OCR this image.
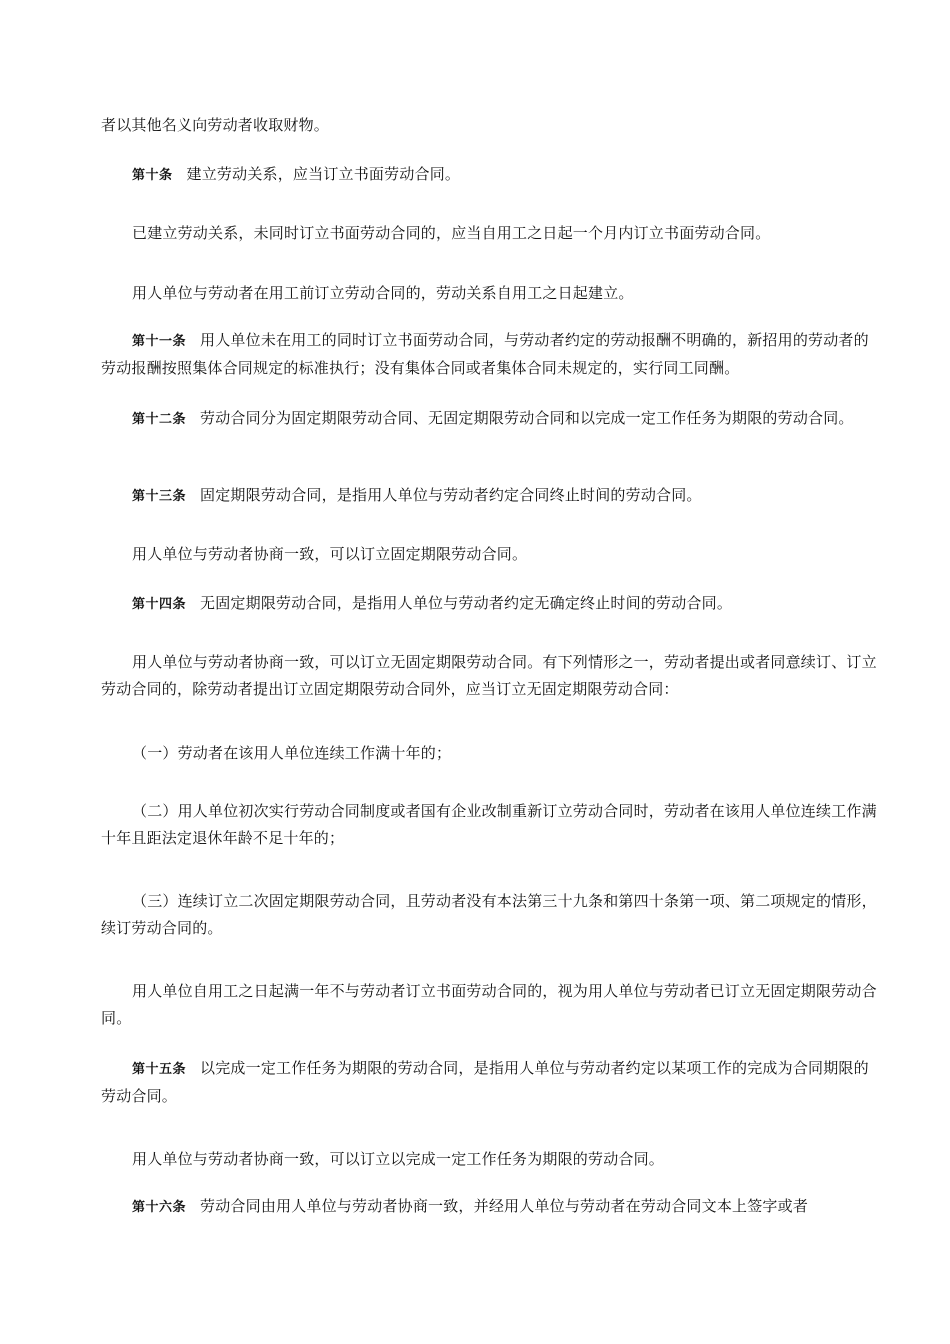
者以其他名义向劳动者收取财物。

第十条 建立劳动关系，应当订立书面劳动合同。

已建立劳动关系，未同时订立书面劳动合同的，应当自用工之日起一个月内订立书面劳动合同。

用人单位与劳动者在用工前订立劳动合同的，劳动关系自用工之日起建立。

第十一条 用人单位未在用工的同时订立书面劳动合同，与劳动者约定的劳动报酬不明确的，新招用的劳动者的劳动报酬按照集体合同规定的标准执行；没有集体合同或者集体合同未规定的，实行同工同酬。

第十二条 劳动合同分为固定期限劳动合同、无固定期限劳动合同和以完成一定工作任务为期限的劳动合同。

第十三条 固定期限劳动合同，是指用人单位与劳动者约定合同终止时间的劳动合同。

用人单位与劳动者协商一致，可以订立固定期限劳动合同。

第十四条 无固定期限劳动合同，是指用人单位与劳动者约定无确定终止时间的劳动合同。

用人单位与劳动者协商一致，可以订立无固定期限劳动合同。有下列情形之一，劳动者提出或者同意续订、订立劳动合同的，除劳动者提出订立固定期限劳动合同外，应当订立无固定期限劳动合同：

（一）劳动者在该用人单位连续工作满十年的；

（二）用人单位初次实行劳动合同制度或者国有企业改制重新订立劳动合同时，劳动者在该用人单位连续工作满十年且距法定退休年龄不足十年的；

（三）连续订立二次固定期限劳动合同，且劳动者没有本法第三十九条和第四十条第一项、第二项规定的情形，续订劳动合同的。

用人单位自用工之日起满一年不与劳动者订立书面劳动合同的，视为用人单位与劳动者已订立无固定期限劳动合同。

第十五条 以完成一定工作任务为期限的劳动合同，是指用人单位与劳动者约定以某项工作的完成为合同期限的劳动合同。

用人单位与劳动者协商一致，可以订立以完成一定工作任务为期限的劳动合同。

第十六条 劳动合同由用人单位与劳动者协商一致，并经用人单位与劳动者在劳动合同文本上签字或者
